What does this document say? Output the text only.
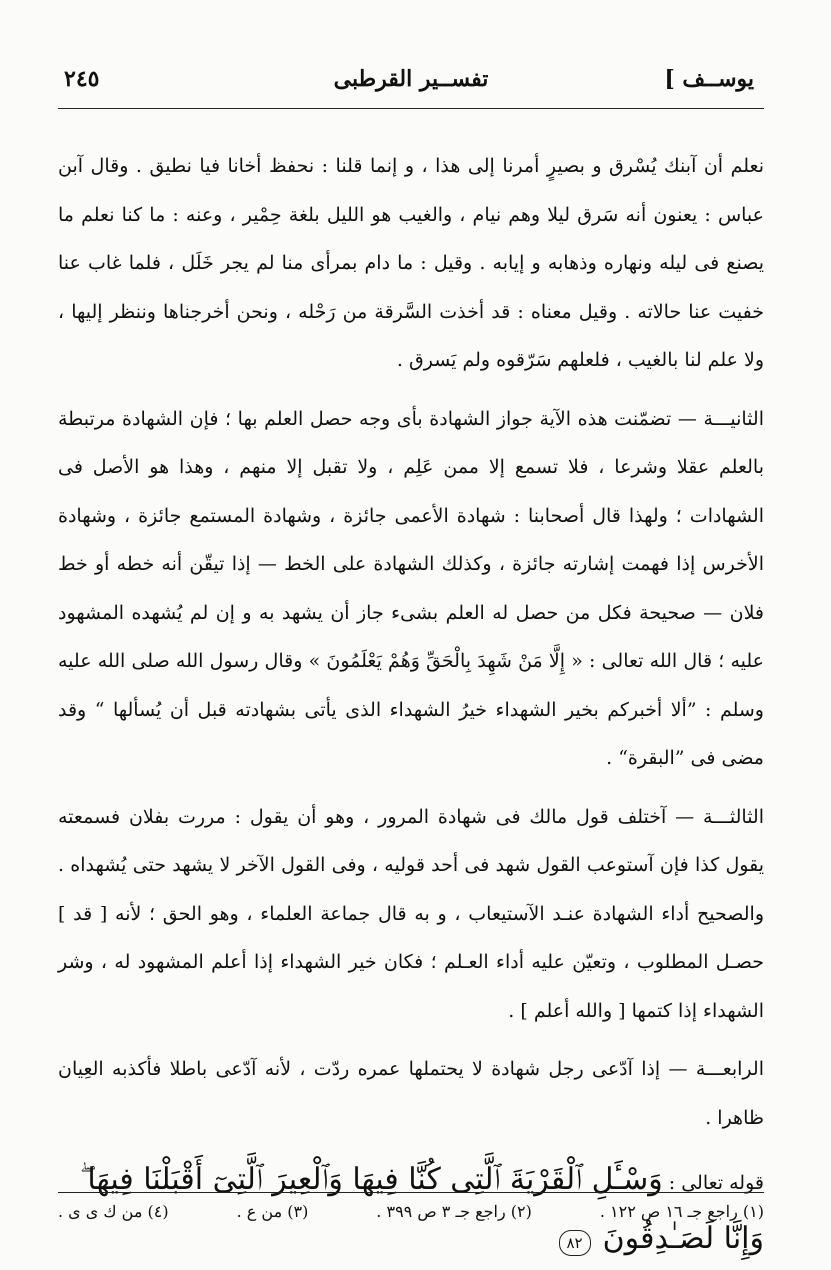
يوســف ]
تفســير القرطبى
٢٤٥

نعلم أن آبنك يُسْرق و بصيرٍ أمرنا إلى هذا ، و إنما قلنا : نحفظ أخانا فيا نطيق . وقال آبن عباس : يعنون أنه سَرق ليلا وهم نيام ، والغيب هو الليل بلغة حِمْير ، وعنه : ما كنا نعلم ما يصنع فى ليله ونهاره وذهابه و إيابه . وقيل : ما دام بمرأى منا لم يجر خَلَل ، فلما غاب عنا خفيت عنا حالاته . وقيل معناه : قد أخذت السَّرقة من رَحْله ، ونحن أخرجناها وننظر إليها ، ولا علم لنا بالغيب ، فلعلهم سَرّقوه ولم يَسرق .

الثانيـــة — تضمّنت هذه الآية جواز الشهادة بأى وجه حصل العلم بها ؛ فإن الشهادة مرتبطة بالعلم عقلا وشرعا ، فلا تسمع إلا ممن عَلِم ، ولا تقبل إلا منهم ، وهذا هو الأصل فى الشهادات ؛ ولهذا قال أصحابنا : شهادة الأعمى جائزة ، وشهادة المستمع جائزة ، وشهادة الأخرس إذا فهمت إشارته جائزة ، وكذلك الشهادة على الخط — إذا تيقّن أنه خطه أو خط فلان — صحيحة فكل من حصل له العلم بشىء جاز أن يشهد به و إن لم يُشهده المشهود عليه ؛ قال الله تعالى : « إِلَّا مَنْ شَهِدَ بِالْحَقِّ وَهُمْ يَعْلَمُونَ » وقال رسول الله صلى الله عليه وسلم : ”ألا أخبركم بخير الشهداء خيرُ الشهداء الذى يأتى بشهادته قبل أن يُسألها “ وقد مضى فى ”البقرة“ .

الثالثـــة — آختلف قول مالك فى شهادة المرور ، وهو أن يقول : مررت بفلان فسمعته يقول كذا فإن آستوعب القول شهد فى أحد قوليه ، وفى القول الآخر لا يشهد حتى يُشهداه . والصحيح أداء الشهادة عنـد الآستيعاب ، و به قال جماعة العلماء ، وهو الحق ؛ لأنه [ قد ] حصـل المطلوب ، وتعيّن عليه أداء العـلم ؛ فكان خير الشهداء إذا أعلم المشهود له ، وشر الشهداء إذا كتمها [ والله أعلم ] .

الرابعـــة — إذا آدّعى رجل شهادة لا يحتملها عمره ردّت ، لأنه آدّعى باطلا فأكذبه العِيان ظاهرا .

قوله تعالى : وَسْـَٔلِ ٱلْقَرْيَةَ ٱلَّتِى كُنَّا فِيهَا وَٱلْعِيرَ ٱلَّتِىٓ أَقْبَلْنَا فِيهَا ۖ وَإِنَّا لَصَـٰدِقُونَ ٨٢
(١) راجع جـ ١٦ ص ١٢٢ .
(٢) راجع جـ ٣ ص ٣٩٩ .
(٣) من ع .
(٤) من ك ى ى .
